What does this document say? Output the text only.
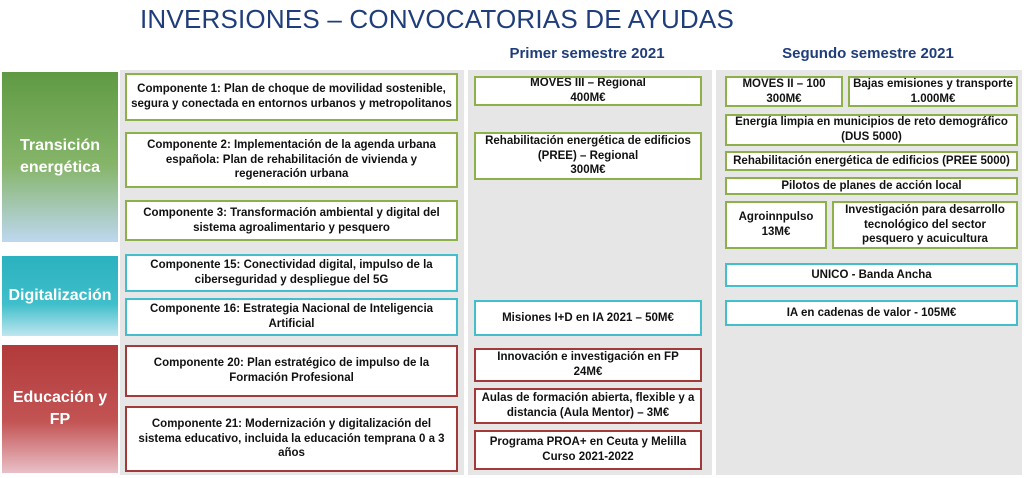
INVERSIONES – CONVOCATORIAS DE AYUDAS
Primer semestre 2021	Segundo semestre 2021
Transición energética
Digitalización
Educación y FP
Componente 1: Plan de choque de movilidad sostenible, segura y conectada en entornos urbanos y metropolitanos
Componente 2: Implementación de la agenda urbana española: Plan de rehabilitación de vivienda y regeneración urbana
Componente 3: Transformación ambiental y digital del sistema agroalimentario y pesquero
Componente 15: Conectividad digital, impulso de la ciberseguridad y despliegue del 5G
Componente 16: Estrategia Nacional de Inteligencia Artificial
Componente 20: Plan estratégico de impulso de la Formación Profesional
Componente 21: Modernización y digitalización del sistema educativo, incluida la educación temprana 0 a 3 años
MOVES III – Regional
400M€
Rehabilitación energética de edificios (PREE) – Regional
300M€
Misiones I+D en IA 2021 – 50M€
Innovación e investigación en FP
24M€
Aulas de formación abierta, flexible y a distancia (Aula Mentor) – 3M€
Programa PROA+ en Ceuta y Melilla Curso 2021-2022
MOVES II – 100
300M€
Bajas emisiones y transporte
1.000M€
Energía limpia en municipios de reto demográfico (DUS 5000)
Rehabilitación energética de edificios (PREE 5000)
Pilotos de planes de acción local
Agroinnpulso
13M€
Investigación para desarrollo tecnológico del sector pesquero y acuicultura
UNICO - Banda Ancha
IA en cadenas de valor - 105M€
